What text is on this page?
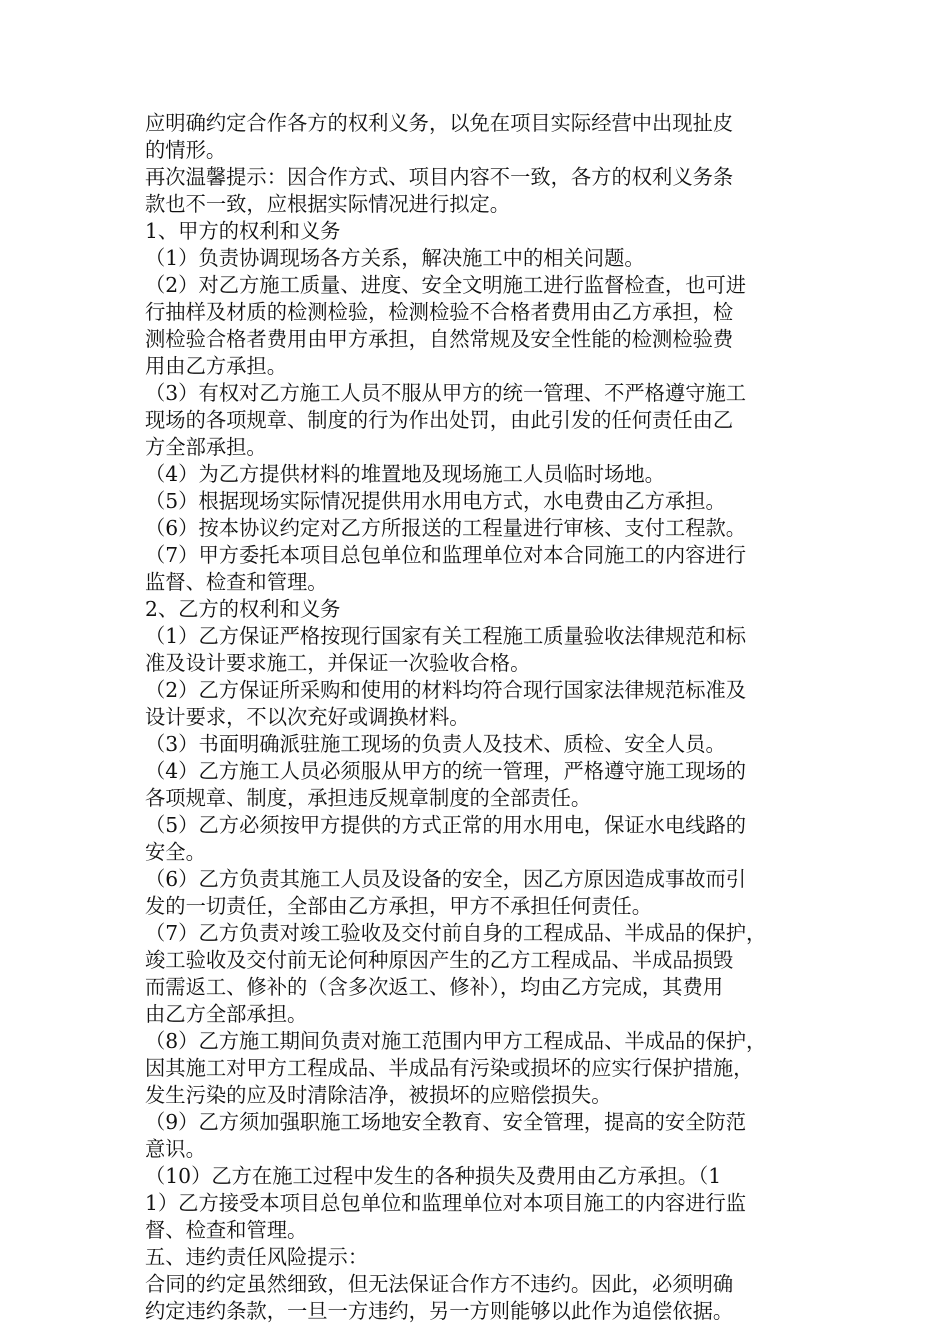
应明确约定合作各方的权利义务，以免在项目实际经营中出现扯皮
的情形。

再次温馨提示：因合作方式、项目内容不一致，各方的权利义务条
款也不一致，应根据实际情况进行拟定。

1、甲方的权利和义务

（1）负责协调现场各方关系，解决施工中的相关问题。

（2）对乙方施工质量、进度、安全文明施工进行监督检查，也可进
行抽样及材质的检测检验，检测检验不合格者费用由乙方承担，检
测检验合格者费用由甲方承担，自然常规及安全性能的检测检验费
用由乙方承担。

（3）有权对乙方施工人员不服从甲方的统一管理、不严格遵守施工
现场的各项规章、制度的行为作出处罚，由此引发的任何责任由乙
方全部承担。

（4）为乙方提供材料的堆置地及现场施工人员临时场地。

（5）根据现场实际情况提供用水用电方式，水电费由乙方承担。

（6）按本协议约定对乙方所报送的工程量进行审核、支付工程款。

（7）甲方委托本项目总包单位和监理单位对本合同施工的内容进行
监督、检查和管理。

2、乙方的权利和义务

（1）乙方保证严格按现行国家有关工程施工质量验收法律规范和标
准及设计要求施工，并保证一次验收合格。

（2）乙方保证所采购和使用的材料均符合现行国家法律规范标准及
设计要求，不以次充好或调换材料。

（3）书面明确派驻施工现场的负责人及技术、质检、安全人员。

（4）乙方施工人员必须服从甲方的统一管理，严格遵守施工现场的
各项规章、制度，承担违反规章制度的全部责任。

（5）乙方必须按甲方提供的方式正常的用水用电，保证水电线路的
安全。

（6）乙方负责其施工人员及设备的安全，因乙方原因造成事故而引
发的一切责任，全部由乙方承担，甲方不承担任何责任。

（7）乙方负责对竣工验收及交付前自身的工程成品、半成品的保护，
竣工验收及交付前无论何种原因产生的乙方工程成品、半成品损毁
而需返工、修补的（含多次返工、修补），均由乙方完成，其费用
由乙方全部承担。

（8）乙方施工期间负责对施工范围内甲方工程成品、半成品的保护，
因其施工对甲方工程成品、半成品有污染或损坏的应实行保护措施，
发生污染的应及时清除洁净，被损坏的应赔偿损失。

（9）乙方须加强职施工场地安全教育、安全管理，提高的安全防范
意识。

（10）乙方在施工过程中发生的各种损失及费用由乙方承担。（1
1）乙方接受本项目总包单位和监理单位对本项目施工的内容进行监
督、检查和管理。

五、违约责任风险提示：

合同的约定虽然细致，但无法保证合作方不违约。因此，必须明确
约定违约条款，一旦一方违约，另一方则能够以此作为追偿依据。
